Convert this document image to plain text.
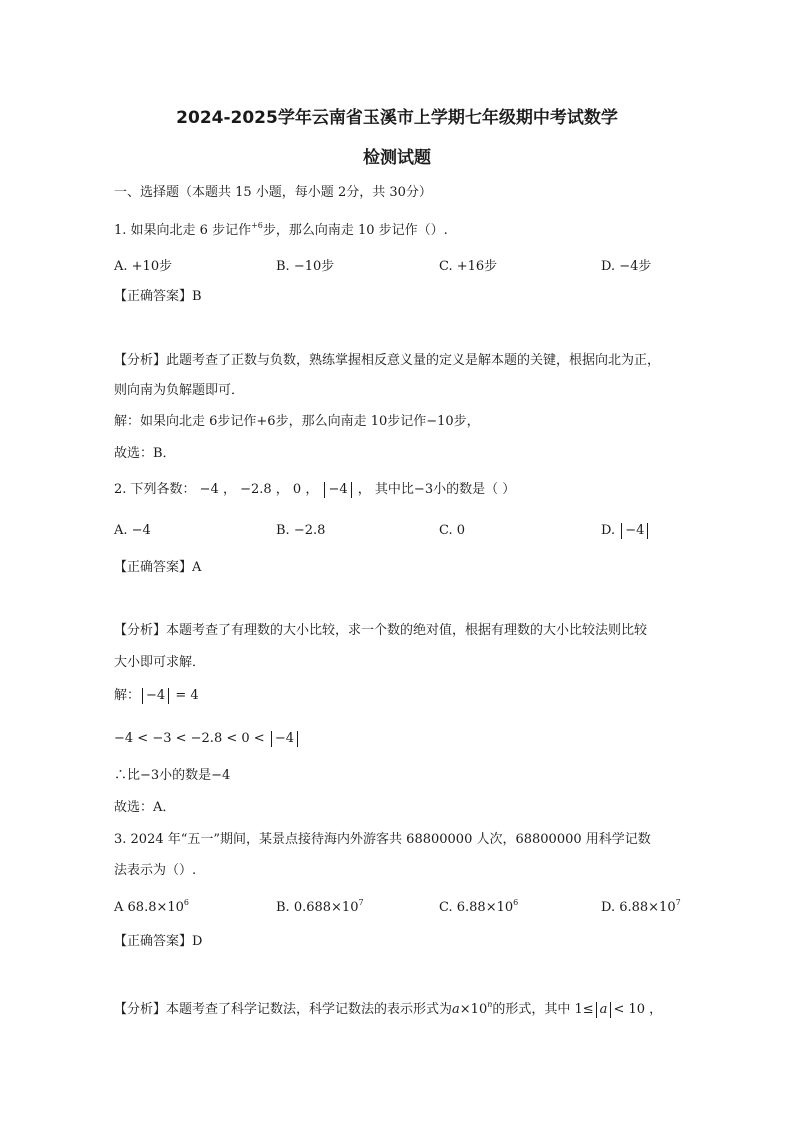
2024-2025学年云南省玉溪市上学期七年级期中考试数学
检测试题
一、选择题（本题共 15 小题，每小题 2分，共 30分）
1. 如果向北走 6 步记作$^{+6}$步，那么向南走 10 步记作（）.
A. +10步	B. −10步	C. +16步	D. −4步
【正确答案】B
【分析】此题考查了正数与负数，熟练掌握相反意义量的定义是解本题的关键，根据向北为正，
则向南为负解题即可．
解：如果向北走 6步记作+6步，那么向南走 10步记作−10步，
故选：B．
2. 下列各数： −4 ， −2.8 ， 0 ， −4 ， 其中比−3小的数是（ ）
A. −4	B. −2.8	C. 0	D. −4
【正确答案】A
【分析】本题考查了有理数的大小比较，求一个数的绝对值，根据有理数的大小比较法则比较
大小即可求解．
解： −4 = 4
−4 < −3 < −2.8 < 0 < −4
∴比−3小的数是−4
故选：A．
3. 2024 年“五一”期间，某景点接待海内外游客共 68800000 人次，68800000 用科学记数
法表示为（）.
A $68.8\times 10^6$	B. $0.688\times 10^7$	C. $6.88\times 10^6$	D. $6.88\times 10^7$
【正确答案】D
【分析】本题考查了科学记数法，科学记数法的表示形式为$a\times 10^n$的形式，其中 1≤ a < 10 ，
